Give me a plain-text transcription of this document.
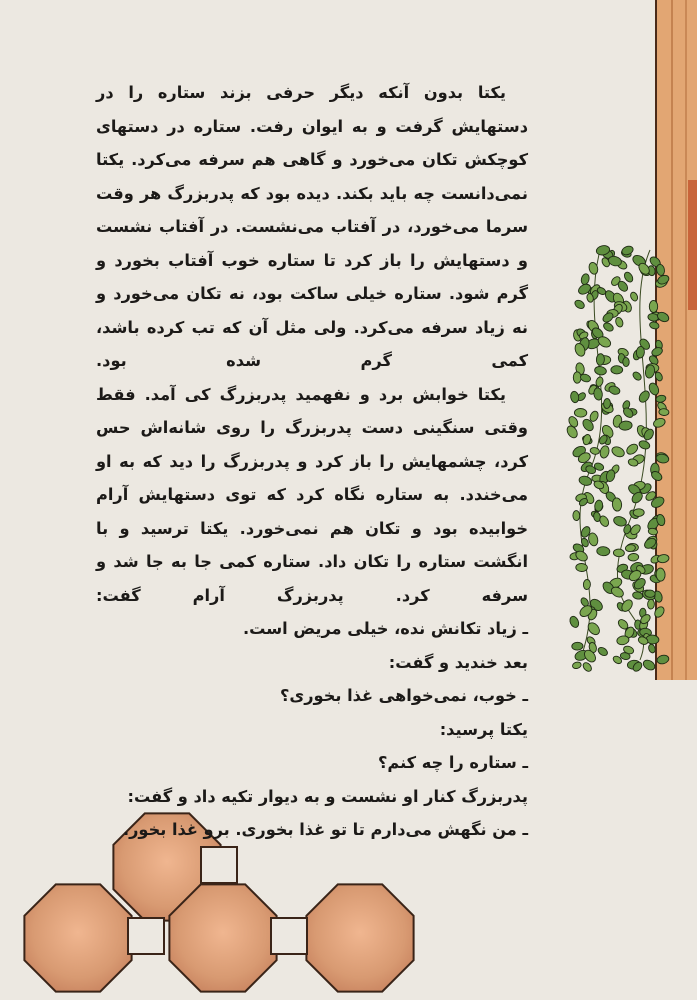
یکتا بدون آنکه دیگر حرفی بزند ستاره را در دستهایش گرفت و به ایوان رفت. ستاره در دستهای کوچکش تکان می‌خورد و گاهی هم سرفه می‌کرد. یکتا نمی‌دانست چه باید بکند. دیده بود که پدربزرگ هر وقت سرما می‌خورد، در آفتاب می‌نشست. در آفتاب نشست و دستهایش را باز کرد تا ستاره خوب آفتاب بخورد و گرم شود. ستاره خیلی ساکت بود، نه تکان می‌خورد و نه زیاد سرفه می‌کرد. ولی مثل آن که تب کرده باشد، کمی گرم شده بود.

یکتا خوابش برد و نفهمید پدربزرگ کی آمد. فقط وقتی سنگینی دست پدربزرگ را روی شانه‌اش حس کرد، چشمهایش را باز کرد و پدربزرگ را دید که به او می‌خندد. به ستاره نگاه کرد که توی دستهایش آرام خوابیده بود و تکان هم نمی‌خورد. یکتا ترسید و با انگشت ستاره را تکان داد. ستاره کمی جا به جا شد و سرفه کرد. پدربزرگ آرام گفت:

ـ زیاد تکانش نده، خیلی مریض است.

بعد خندید و گفت:

ـ خوب، نمی‌خواهی غذا بخوری؟

یکتا پرسید:

ـ ستاره را چه کنم؟

پدربزرگ کنار او نشست و به دیوار تکیه داد و گفت:

ـ من نگهش می‌دارم تا تو غذا بخوری. برو غذا بخور.
